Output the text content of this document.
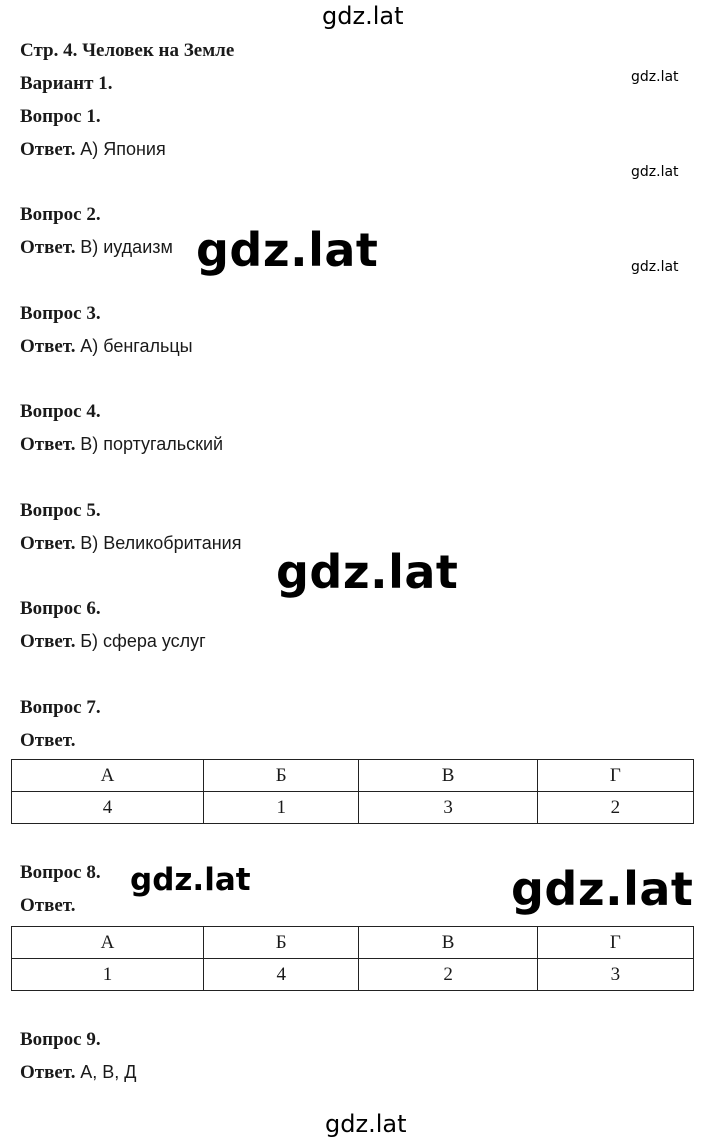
gdz.lat
gdz.lat
gdz.lat
gdz.lat
Стр. 4. Человек на Земле
Вариант 1.
Вопрос 1.
Ответ. А) Япония
Вопрос 2.
Ответ. В) иудаизм
Вопрос 3.
Ответ. А) бенгальцы
Вопрос 4.
Ответ. В) португальский
Вопрос 5.
Ответ. В) Великобритания
Вопрос 6.
Ответ. Б) сфера услуг
Вопрос 7.
Ответ.
А	Б	В	Г
4	1	3	2
Вопрос 8.
Ответ.
А	Б	В	Г
1	4	2	3
Вопрос 9.
Ответ. А, В, Д
gdz.lat
gdz.lat
gdz.lat
gdz.lat
gdz.lat
